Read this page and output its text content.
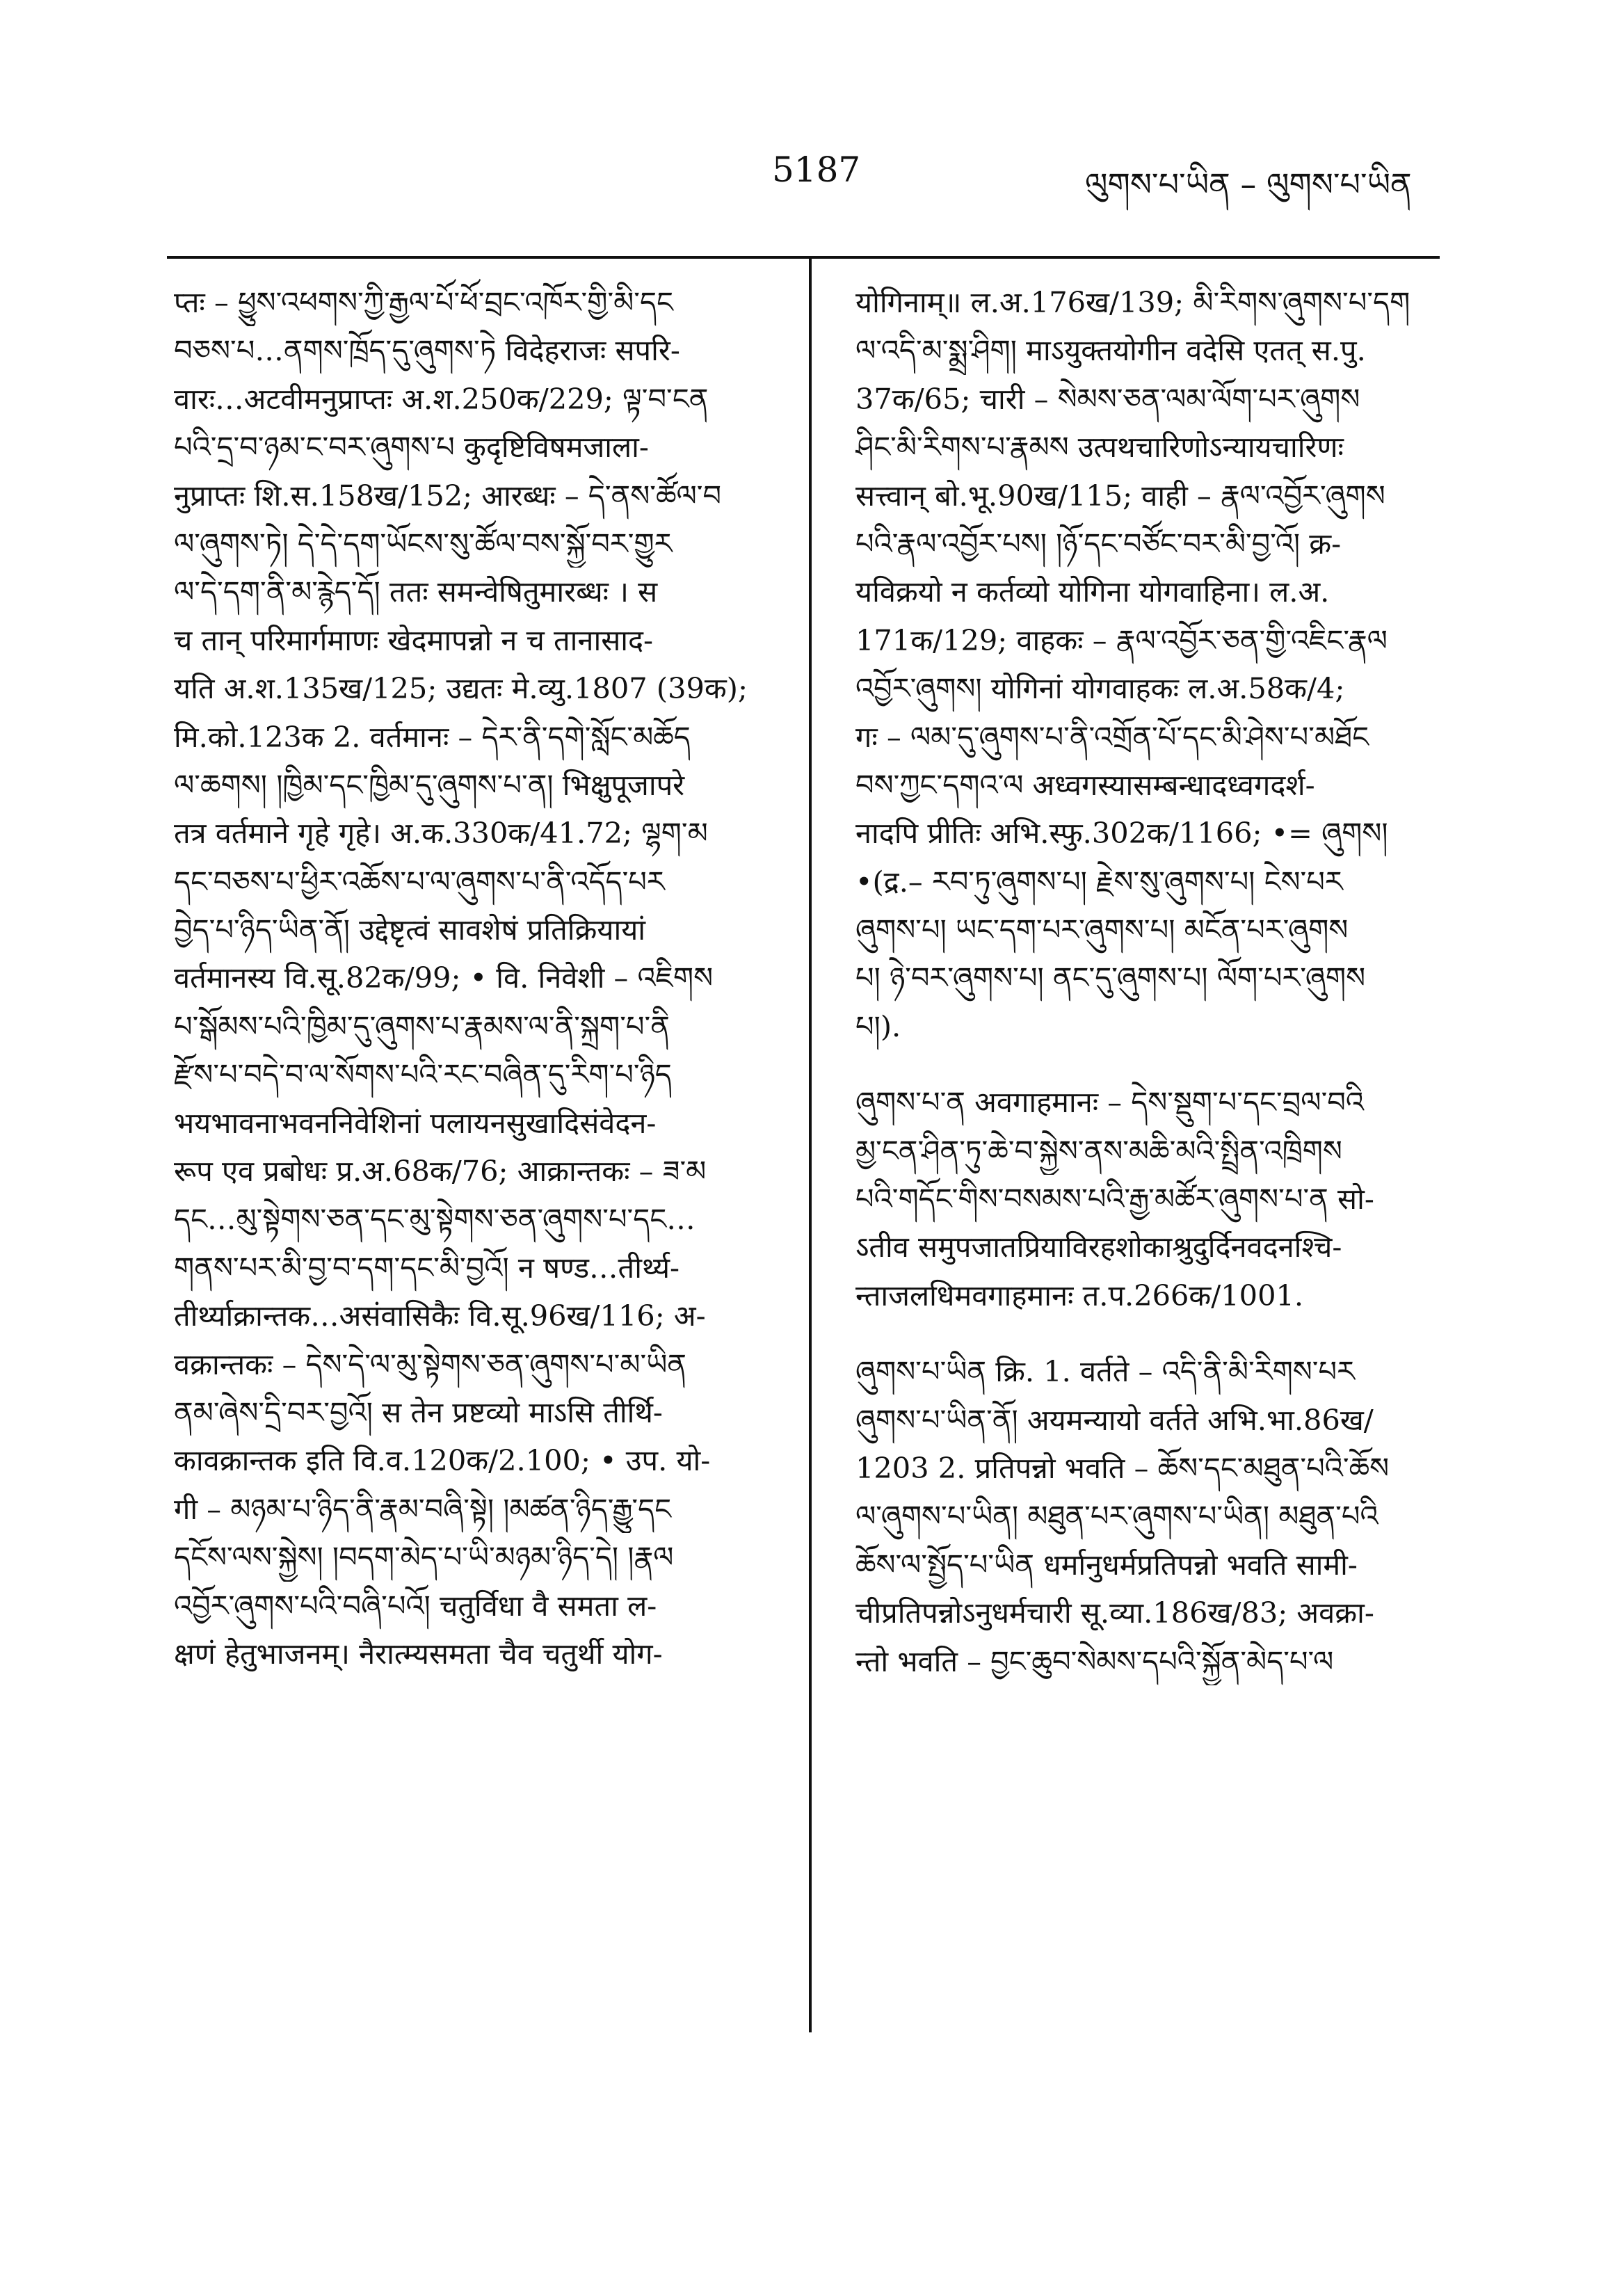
5187	ལུགས་པ་ཡིན – ལུགས་པ་ཡིན
प्तः – ཕྱུས་འཕགས་ཀྱི་རྒྱལ་པོ་ཕོ་བྲང་འཁོར་གྱི་མི་དང
བཅས་པ…ནགས་ཁྲོད་དུ་ཞུགས་ཏེ विदेहराजः सपरि-
वारः…अटवीमनुप्राप्तः अ.श.250क/229; ལྟ་བ་ངན
པའི་དྲ་བ་ཉམ་ང་བར་ཞུགས་པ कुदृष्टिविषमजाला-
नुप्राप्तः शि.स.158ख/152; आरब्धः – དེ་ནས་ཚོལ་བ
ལ་ཞུགས་ཏེ། དེ་དེ་དག་ཡོངས་སུ་ཚོལ་བས་སྐྱོ་བར་གྱུར
ལ་དེ་དག་ནི་མ་རྙེད་དོ། ततः समन्वेषितुमारब्धः । स
च तान् परिमार्गमाणः खेदमापन्नो न च तानासाद-
यति अ.श.135ख/125; उद्यतः मे.व्यु.1807 (39क);
मि.को.123क 2. वर्तमानः – དེར་ནི་དགེ་སློང་མཆོད
ལ་ཆགས། །ཁྱིམ་དང་ཁྱིམ་དུ་ཞུགས་པ་ན། भिक्षुपूजापरे
तत्र वर्तमाने गृहे गृहे। अ.क.330क/41.72; ལྷག་མ
དང་བཅས་པ་ཕྱིར་འཆོས་པ་ལ་ཞུགས་པ་ནི་འདོད་པར
བྱེད་པ་ཉིད་ཡིན་ནོ། उद्देष्टृत्वं सावशेषं प्रतिक्रियायां
वर्तमानस्य वि.सू.82क/99; • वि. निवेशी – འཇིགས
པ་སྒོམས་པའི་ཁྱིམ་དུ་ཞུགས་པ་རྣམས་ལ་ནི་སྐྲག་པ་ནི
རྫོས་པ་བདེ་བ་ལ་སོགས་པའི་རང་བཞིན་དུ་རིག་པ་ཉིད
भयभावनाभवननिवेशिनां पलायनसुखादिसंवेदन-
रूप एव प्रबोधः प्र.अ.68क/76; आक्रान्तकः – ཟ་མ
དང…མུ་སྟེགས་ཅན་དང་མུ་སྟེགས་ཅན་ཞུགས་པ་དང…
གནས་པར་མི་བྱ་བ་དག་དང་མི་བྱའོ། न षण्ड…तीर्थ्य-
तीर्थ्याक्रान्तक…असंवासिकैः वि.सू.96ख/116; अ-
वक्रान्तकः – དེས་དེ་ལ་མུ་སྟེགས་ཅན་ཞུགས་པ་མ་ཡིན
ནམ་ཞེས་དྲི་བར་བྱའོ། स तेन प्रष्टव्यो माऽसि तीर्थि-
कावक्रान्तक इति वि.व.120क/2.100; • उप. यो-
गी – མཉམ་པ་ཉིད་ནི་རྣམ་བཞི་སྟེ། །མཚན་ཉིད་རྒྱུ་དང
དངོས་ལས་སྐྱེས། །བདག་མེད་པ་ཡི་མཉམ་ཉིད་དེ། །རྣལ
འབྱོར་ཞུགས་པའི་བཞི་པའོ། चतुर्विधा वै समता ल-
क्षणं हेतुभाजनम्। नैरात्म्यसमता चैव चतुर्थी योग-
योगिनाम्॥ ल.अ.176ख/139; མི་རིགས་ཞུགས་པ་དག
ལ་འདི་མ་སྨྲ་ཤིག། माऽयुक्तयोगीन वदेसि एतत् स.पु.
37क/65; चारी – སེམས་ཅན་ལམ་ལོག་པར་ཞུགས
ཤིང་མི་རིགས་པ་རྣམས उत्पथचारिणोऽन्यायचारिणः
सत्त्वान् बो.भू.90ख/115; वाही – རྣལ་འབྱོར་ཞུགས
པའི་རྣལ་འབྱོར་པས། །ཉོ་དང་བཙོང་བར་མི་བྱ་འོ། क्र-
यविक्रयो न कर्तव्यो योगिना योगवाहिना। ल.अ.
171क/129; वाहकः – རྣལ་འབྱོར་ཅན་གྱི་འཇིང་རྣལ
འབྱོར་ཞུགས། योगिनां योगवाहकः ल.अ.58क/4;
गः – ལམ་དུ་ཞུགས་པ་ནི་འགྲོན་པོ་དང་མི་ཤེས་པ་མཐོང
བས་ཀྱང་དགའ་ལ अध्वगस्यासम्बन्धादध्वगदर्श-
नादपि प्रीतिः अभि.स्फु.302क/1166; •= ཞུགས།
•(द्र.– རབ་ཏུ་ཞུགས་པ། རྗེས་སུ་ཞུགས་པ། ངེས་པར
ཞུགས་པ། ཡང་དག་པར་ཞུགས་པ། མངོན་པར་ཞུགས
པ། ཉེ་བར་ཞུགས་པ། ནང་དུ་ཞུགས་པ། ལོག་པར་ཞུགས
པ།).
ཞུགས་པ་ན अवगाहमानः – དེས་སྡུག་པ་དང་བྲལ་བའི
མྱ་ངན་ཤིན་ཏུ་ཆེ་བ་སྐྱེས་ནས་མཆི་མའི་སྤྲིན་འཁྲིགས
པའི་གདོང་གིས་བསམས་པའི་རྒྱ་མཚོར་ཞུགས་པ་ན सो-
ऽतीव समुपजातप्रियाविरहशोकाश्रुदुर्दिनवदनश्चि-
न्ताजलधिमवगाहमानः त.प.266क/1001.
ཞུགས་པ་ཡིན क्रि. 1. वर्तते – འདི་ནི་མི་རིགས་པར
ཞུགས་པ་ཡིན་ནོ། अयमन्यायो वर्तते अभि.भा.86ख/
1203 2. प्रतिपन्नो भवति – ཆོས་དང་མཐུན་པའི་ཆོས
ལ་ཞུགས་པ་ཡིན། མཐུན་པར་ཞུགས་པ་ཡིན། མཐུན་པའི
ཆོས་ལ་སྤྱོད་པ་ཡིན धर्मानुधर्मप्रतिपन्नो भवति सामी-
चीप्रतिपन्नोऽनुधर्मचारी सू.व्या.186ख/83; अवक्रा-
न्तो भवति – བྱང་ཆུབ་སེམས་དཔའི་སྐྱོན་མེད་པ་ལ
